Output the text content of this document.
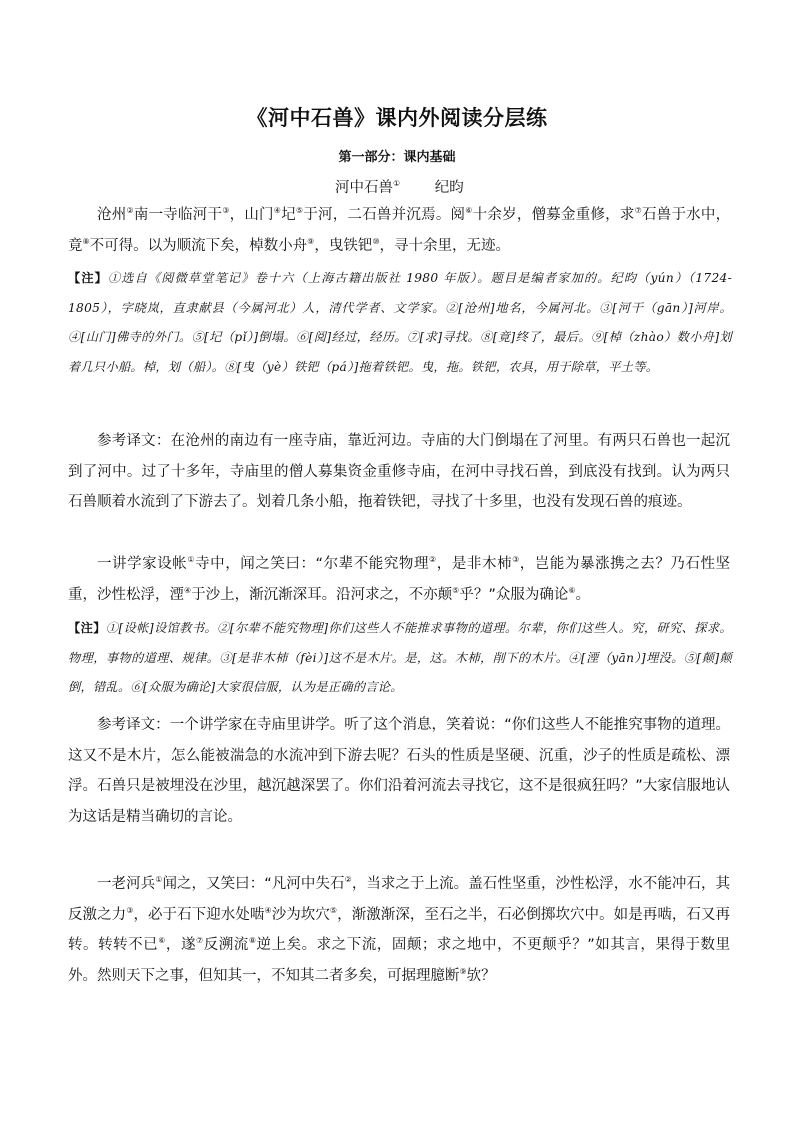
《河中石兽》课内外阅读分层练
第一部分：课内基础
河中石兽① 纪昀

沧州②南一寺临河干③，山门④圮⑤于河，二石兽并沉焉。阅⑥十余岁，僧募金重修，求⑦石兽于水中，竟⑧不可得。以为顺流下矣，棹数小舟⑨，曳铁钯⑩，寻十余里，无迹。

【注】①选自《阅微草堂笔记》卷十六（上海古籍出版社 1980 年版）。题目是编者家加的。纪昀（yún）（1724-1805），字晓岚，直隶献县（今属河北）人，清代学者、文学家。②[沧州]地名，今属河北。③[河干（gān）]河岸。④[山门]佛寺的外门。⑤[圮（pǐ）]倒塌。⑥[阅]经过，经历。⑦[求]寻找。⑧[竟]终了，最后。⑨[棹（zhào）数小舟]划着几只小船。棹，划（船）。⑧[曳（yè）铁钯（pá）]拖着铁钯。曳，拖。铁钯，农具，用于除草，平土等。

参考译文：在沧州的南边有一座寺庙，靠近河边。寺庙的大门倒塌在了河里。有两只石兽也一起沉到了河中。过了十多年，寺庙里的僧人募集资金重修寺庙，在河中寻找石兽，到底没有找到。认为两只石兽顺着水流到了下游去了。划着几条小船，拖着铁钯，寻找了十多里，也没有发现石兽的痕迹。

一讲学家设帐①寺中，闻之笑曰：“尔辈不能究物理②，是非木杮③，岂能为暴涨携之去？乃石性坚重，沙性松浮，湮④于沙上，渐沉渐深耳。沿河求之，不亦颠⑤乎？”众服为确论⑥。

【注】①[设帐]设馆教书。②[尔辈不能究物理]你们这些人不能推求事物的道理。尔辈，你们这些人。究，研究、探求。物理，事物的道理、规律。③[是非木杮（fèi）]这不是木片。是，这。木杮，削下的木片。④[湮（yān）]埋没。⑤[颠]颠倒，错乱。⑥[众服为确论]大家很信服，认为是正确的言论。

参考译文：一个讲学家在寺庙里讲学。听了这个消息，笑着说：“你们这些人不能推究事物的道理。这又不是木片，怎么能被湍急的水流冲到下游去呢？石头的性质是坚硬、沉重，沙子的性质是疏松、漂浮。石兽只是被埋没在沙里，越沉越深罢了。你们沿着河流去寻找它，这不是很疯狂吗？”大家信服地认为这话是精当确切的言论。

一老河兵①闻之，又笑曰：“凡河中失石②，当求之于上流。盖石性坚重，沙性松浮，水不能冲石，其反激之力③，必于石下迎水处啮④沙为坎穴⑤，渐激渐深，至石之半，石必倒掷坎穴中。如是再啮，石又再转。转转不已⑥，遂⑦反溯流⑧逆上矣。求之下流，固颠；求之地中，不更颠乎？”如其言，果得于数里外。然则天下之事，但知其一，不知其二者多矣，可据理臆断⑨欤？
